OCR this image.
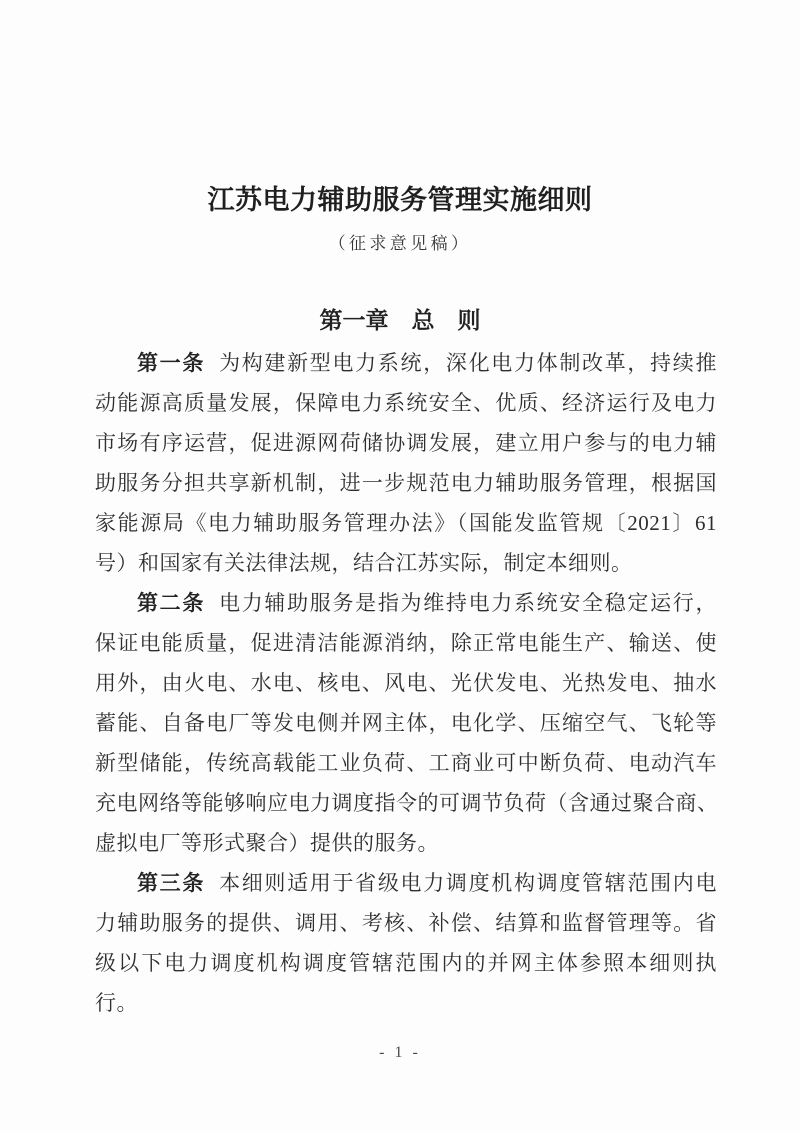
江苏电力辅助服务管理实施细则
（征求意见稿）
第一章　总　则
第一条 为构建新型电力系统，深化电力体制改革，持续推
动能源高质量发展，保障电力系统安全、优质、经济运行及电力
市场有序运营，促进源网荷储协调发展，建立用户参与的电力辅
助服务分担共享新机制，进一步规范电力辅助服务管理，根据国
家能源局《电力辅助服务管理办法》（国能发监管规〔2021〕61
号）和国家有关法律法规，结合江苏实际，制定本细则。
第二条 电力辅助服务是指为维持电力系统安全稳定运行，
保证电能质量，促进清洁能源消纳，除正常电能生产、输送、使
用外，由火电、水电、核电、风电、光伏发电、光热发电、抽水
蓄能、自备电厂等发电侧并网主体，电化学、压缩空气、飞轮等
新型储能，传统高载能工业负荷、工商业可中断负荷、电动汽车
充电网络等能够响应电力调度指令的可调节负荷（含通过聚合商、
虚拟电厂等形式聚合）提供的服务。
第三条 本细则适用于省级电力调度机构调度管辖范围内电
力辅助服务的提供、调用、考核、补偿、结算和监督管理等。省
级以下电力调度机构调度管辖范围内的并网主体参照本细则执
行。
- 1 -
